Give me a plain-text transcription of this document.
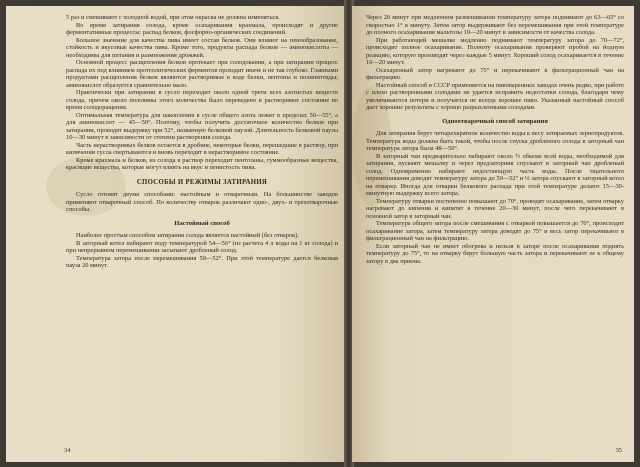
5 раз и смешивают с холодной водой, при этом окраска не должна изменяться.

Во время затирания солода, кроме осахаривания крахмала, происходят и другие ферментативные процессы: распад белков, фосфорно-органических соединений.

Большое значение для качества пива имеет состав белков. Они влияют на пенообразование, стойкость и вкусовые качества пива. Кроме того, продукты распада белков — аминокислоты — необходимы для питания и размножения дрожжей.

Основной процесс расщепления белков протекает при солодовании, а при затирании процесс распада их под влиянием протеолитических ферментов проходит иначе и не так глубоко. Главными продуктами расщепления белков являются растворимые в воде белки, пептоны и полипептиды; аминокислот образуется сравнительно мало.

Практически при затирании в сусло переходит около одной трети всех азотистых веществ солода, причем около половины этого количества было переведено в растворимое состояние во время солодоращения.

Оптимальная температура для накопления в сусле общего азота лежит в пределах 50—55°, а для аминокислот — 45—50°. Поэтому, чтобы получить достаточное количество белков при затирании, проводят выдержку при 52°, названную белковой паузой. Длительность белковой паузы 10—30 минут в зависимости от степени растворения солода.

Часть нерастворимых белков остается в дробине, некоторые белки, перешедшие в раствор, при кипячении сусла свертываются и вновь переходят в нерастворимое состояние.

Кроме крахмала и белков, из солода в раствор переходит пентозаны, гуммообразные вещества, красящие вещества, которые могут влиять на вкус и пенистость пива.

СПОСОБЫ И РЕЖИМЫ ЗАТИРАНИЯ

Сусло готовят двумя способами: настойным и отварочным. На большинстве заводов применяют отварочный способ. По количеству отварок различают одно-, двух- и трехотварочные способы.

Настойный способ

Наиболее простым способом затирания солода является настойный (без отварок).

В заторный котел набирают воду температурой 54—56° (из расчета 4 л воды на 1 кг солода) и при непрерывном перемешивании засыпают дробленый солод.

Температура затора после перемешивания 50—52°. При этой температуре дается белковая пауза 20 минут.

34

Через 20 минут при медленном размешивании температуру затора поднимают до 63—65° со скоростью 1° в минуту. Затем затор выдерживают без перемешивания при этой температуре до полного осахаривания мальтозы 10—20 минут в зависимости от качества солода.

При работающей мешалке медленно поднимают температуру затора до 70—72°, происходит полное осахаривание. Полноту осахаривания проверяют пробой на йодную реакцию, которую производят через каждые 5 минут. Хороший солод осахаривается в течение 10—20 минут.

Осахаренный затор нагревают до 75° и перекачивают в фильтрационный чан на фильтрацию.

Настойный способ в СССР применяется на пивоваренных заводах очень редко, при работе с плохо растворенными солодами не удается исправить недостатки солода, благодаря чему увеличиваются потери и получается не всегда хорошее пиво. Указанный настойный способ дает хорошие результаты с хорошо разрыхленными солодами.

Одноотварочный способ затирания

Для затирания берут четырехкратное количество воды к весу затираемых зернопродуктов. Температура воды должна быть такой, чтобы после спуска дробленого солода в заторный чан температура затора была 48—50°.

В заторный чан предварительно набирают около ½ объема всей воды, необходимой для затирания, пускают мешалку и через предзаторник спускают в заторный чан дробленый солод. Одновременно набирают недостающую часть воды. После тщательного перемешивания доводят температуру затора до 50—52° и ⅓ затора спускают в заторный котел на отварку. Иногда для отварки белкового распада при этой температуре делают 15—30-минутную выдержку всего затора.

Температуру отварки постепенно повышают до 70°, проводят осахаривание, затем отварку нагревают до кипения и кипятят в течение 20—30 минут, после чего перекачивают в основной затор в заторный чан.

Температура общего затора после смешивания с отваркой повышается до 70°, происходит осахаривание затора, затем температуру затора доводят до 75° и весь затор перекачивают в фильтрационный чан на фильтрацию.

Если заторный чан не имеет обогрева и нельзя в заторе после осахаривания поднять температуру до 75°, то на отварку берут большую часть затора и перекачивают ее к общему затору в два приема.

35
